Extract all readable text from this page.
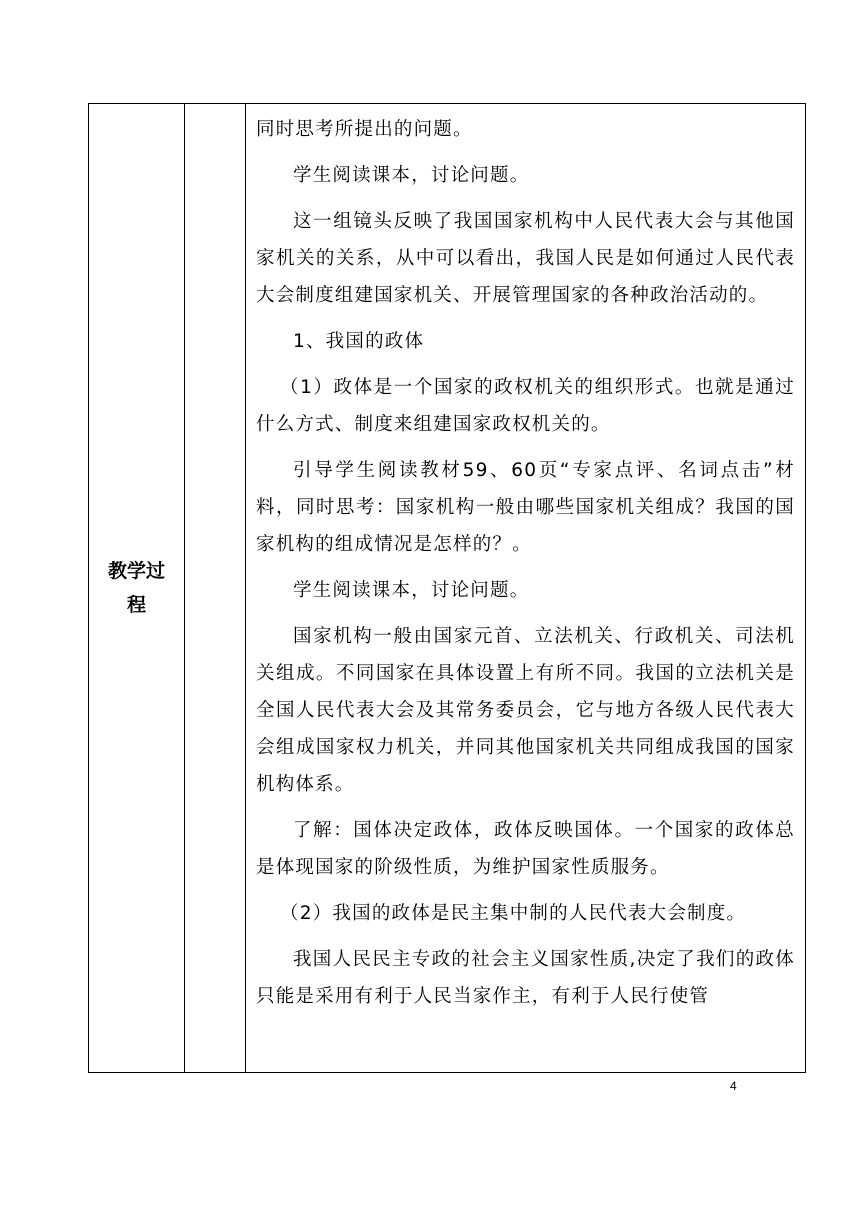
教学过程

同时思考所提出的问题。

学生阅读课本，讨论问题。

这一组镜头反映了我国国家机构中人民代表大会与其他国家机关的关系，从中可以看出，我国人民是如何通过人民代表大会制度组建国家机关、开展管理国家的各种政治活动的。

1、我国的政体

（1）政体是一个国家的政权机关的组织形式。也就是通过什么方式、制度来组建国家政权机关的。

引导学生阅读教材59、60页“专家点评、名词点击”材料，同时思考：国家机构一般由哪些国家机关组成？我国的国家机构的组成情况是怎样的？。

学生阅读课本，讨论问题。

国家机构一般由国家元首、立法机关、行政机关、司法机关组成。不同国家在具体设置上有所不同。我国的立法机关是全国人民代表大会及其常务委员会，它与地方各级人民代表大会组成国家权力机关，并同其他国家机关共同组成我国的国家机构体系。

了解：国体决定政体，政体反映国体。一个国家的政体总是体现国家的阶级性质，为维护国家性质服务。

（2）我国的政体是民主集中制的人民代表大会制度。

我国人民民主专政的社会主义国家性质,决定了我们的政体只能是采用有利于人民当家作主，有利于人民行使管

4
